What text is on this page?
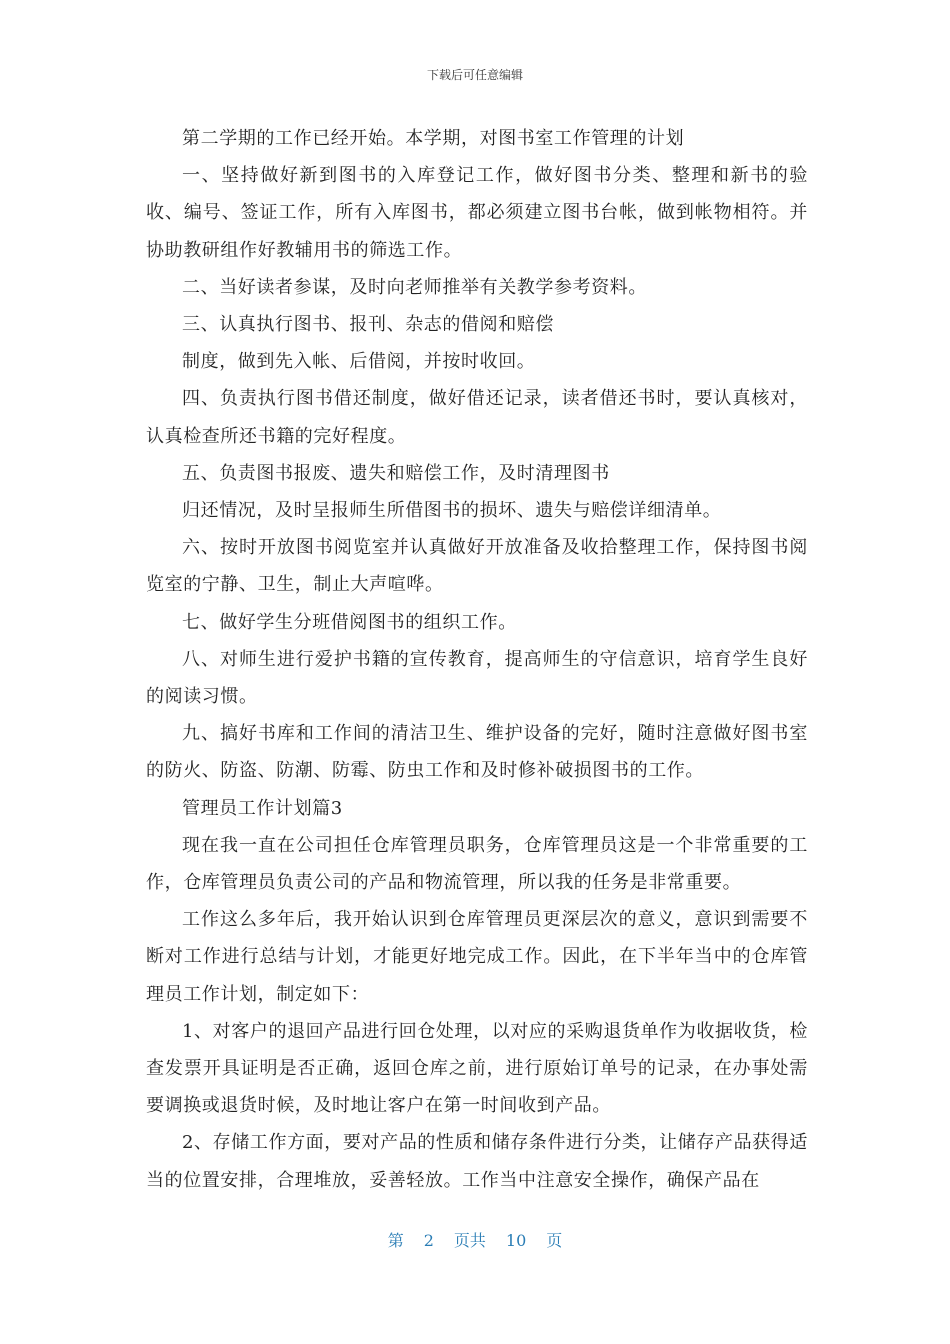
下载后可任意编辑

第二学期的工作已经开始。本学期，对图书室工作管理的计划

一、坚持做好新到图书的入库登记工作，做好图书分类、整理和新书的验收、编号、签证工作，所有入库图书，都必须建立图书台帐，做到帐物相符。并协助教研组作好教辅用书的筛选工作。

二、当好读者参谋，及时向老师推举有关教学参考资料。

三、认真执行图书、报刊、杂志的借阅和赔偿

制度，做到先入帐、后借阅，并按时收回。

四、负责执行图书借还制度，做好借还记录，读者借还书时，要认真核对，认真检查所还书籍的完好程度。

五、负责图书报废、遗失和赔偿工作，及时清理图书

归还情况，及时呈报师生所借图书的损坏、遗失与赔偿详细清单。

六、按时开放图书阅览室并认真做好开放准备及收拾整理工作，保持图书阅览室的宁静、卫生，制止大声喧哗。

七、做好学生分班借阅图书的组织工作。

八、对师生进行爱护书籍的宣传教育，提高师生的守信意识，培育学生良好的阅读习惯。

九、搞好书库和工作间的清洁卫生、维护设备的完好，随时注意做好图书室的防火、防盗、防潮、防霉、防虫工作和及时修补破损图书的工作。

管理员工作计划篇3

现在我一直在公司担任仓库管理员职务，仓库管理员这是一个非常重要的工作，仓库管理员负责公司的产品和物流管理，所以我的任务是非常重要。

工作这么多年后，我开始认识到仓库管理员更深层次的意义，意识到需要不断对工作进行总结与计划，才能更好地完成工作。因此，在下半年当中的仓库管理员工作计划，制定如下：

1、对客户的退回产品进行回仓处理，以对应的采购退货单作为收据收货，检查发票开具证明是否正确，返回仓库之前，进行原始订单号的记录，在办事处需要调换或退货时候，及时地让客户在第一时间收到产品。

2、存储工作方面，要对产品的性质和储存条件进行分类，让储存产品获得适当的位置安排，合理堆放，妥善轻放。工作当中注意安全操作，确保产品在

第 2 页共 10 页
